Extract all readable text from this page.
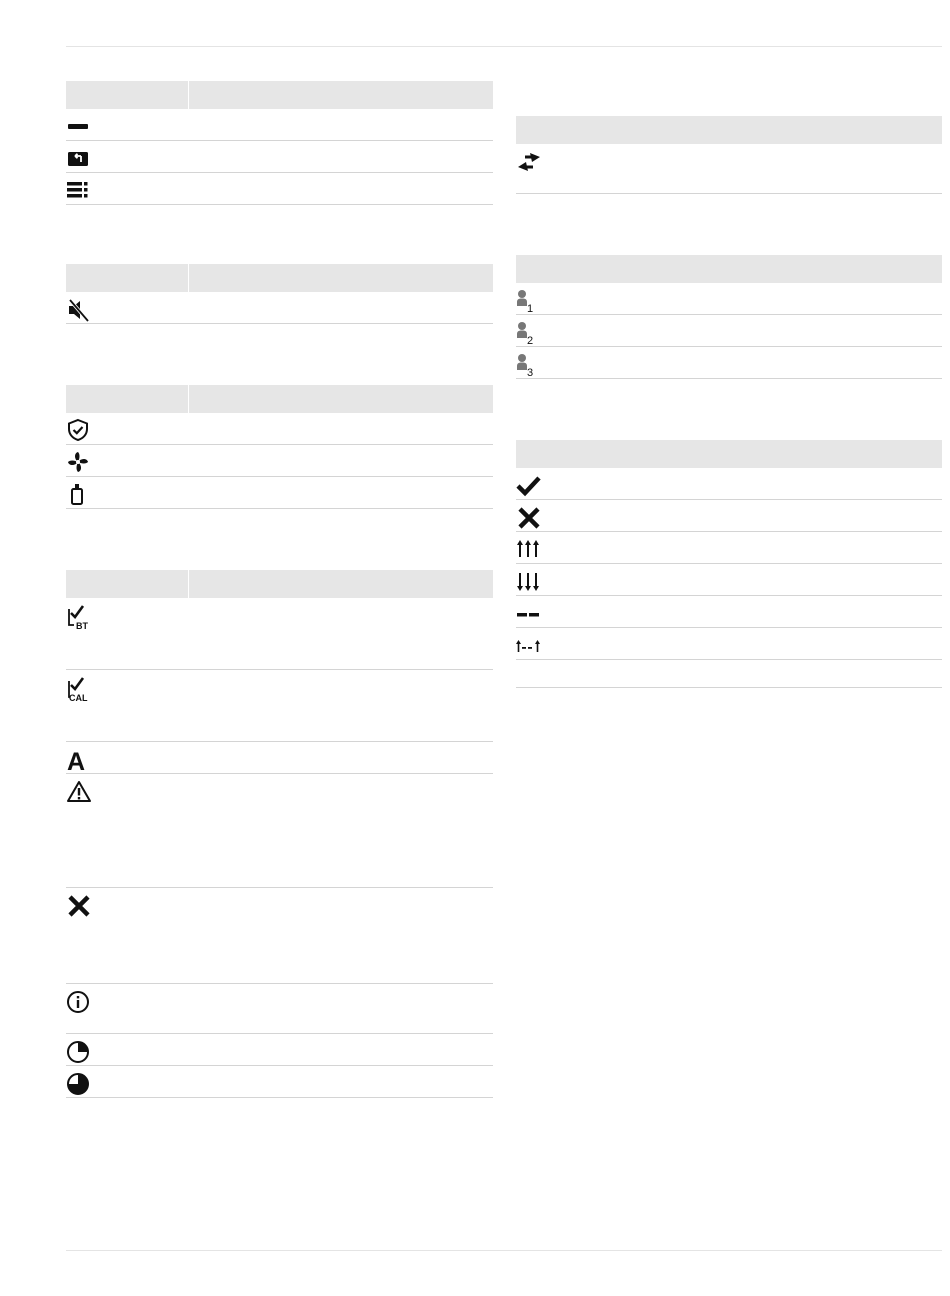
BT
CAL
A
1
2
3
